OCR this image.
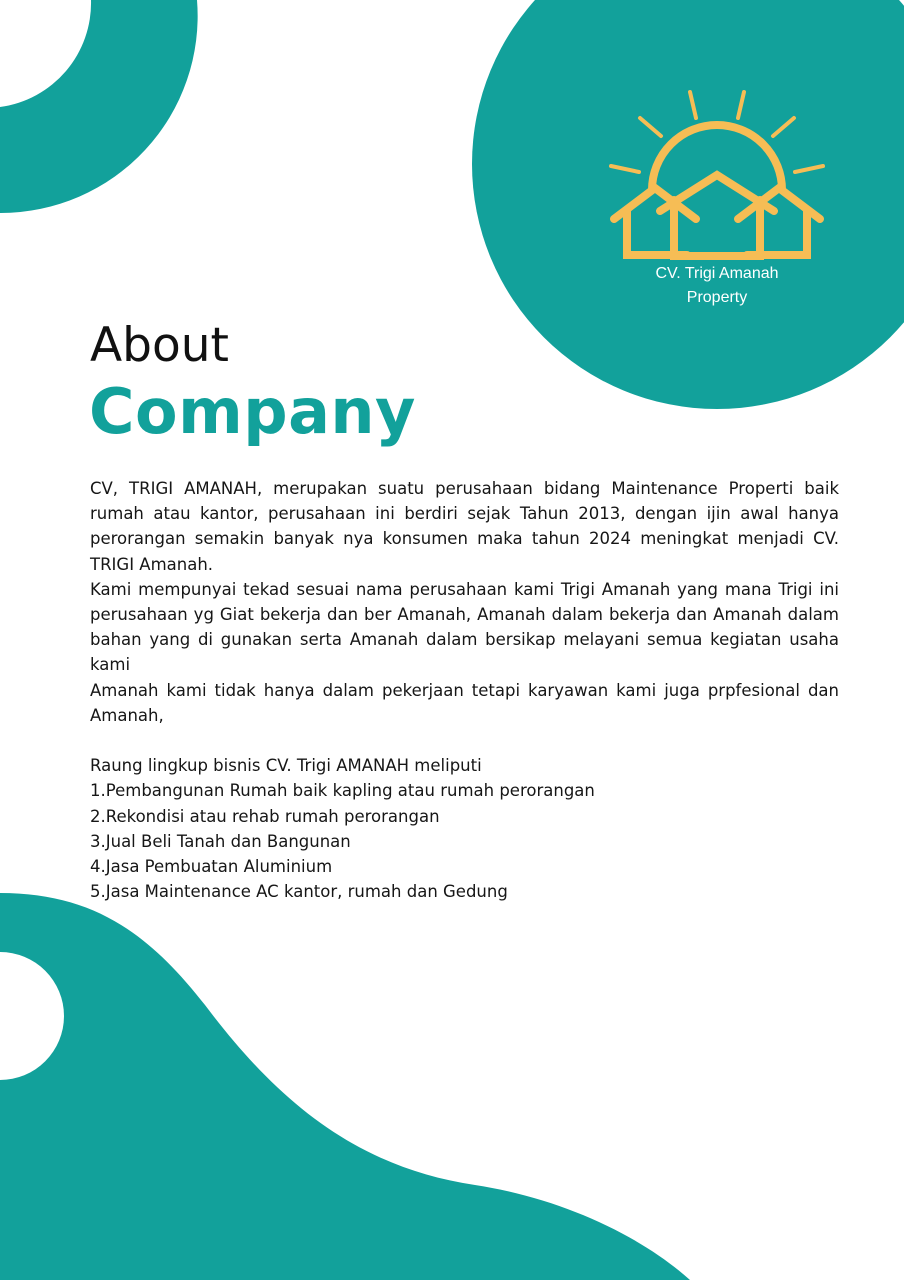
CV. Trigi Amanah
Property
About
Company

CV, TRIGI AMANAH, merupakan suatu perusahaan bidang Maintenance Properti baik rumah atau kantor, perusahaan ini berdiri sejak Tahun 2013, dengan ijin awal hanya perorangan semakin banyak nya konsumen maka tahun 2024 meningkat menjadi CV. TRIGI Amanah.

Kami mempunyai tekad sesuai nama perusahaan kami Trigi Amanah yang mana Trigi ini perusahaan yg Giat bekerja dan ber Amanah, Amanah dalam bekerja dan Amanah dalam bahan yang di gunakan serta Amanah dalam bersikap melayani semua kegiatan usaha kami

Amanah kami tidak hanya dalam pekerjaan tetapi karyawan kami juga prpfesional dan Amanah,

Raung lingkup bisnis CV. Trigi AMANAH meliputi

1.Pembangunan Rumah baik kapling atau rumah perorangan
2.Rekondisi atau rehab rumah perorangan
3.Jual Beli Tanah dan Bangunan
4.Jasa Pembuatan Aluminium
5.Jasa Maintenance AC kantor, rumah dan Gedung
